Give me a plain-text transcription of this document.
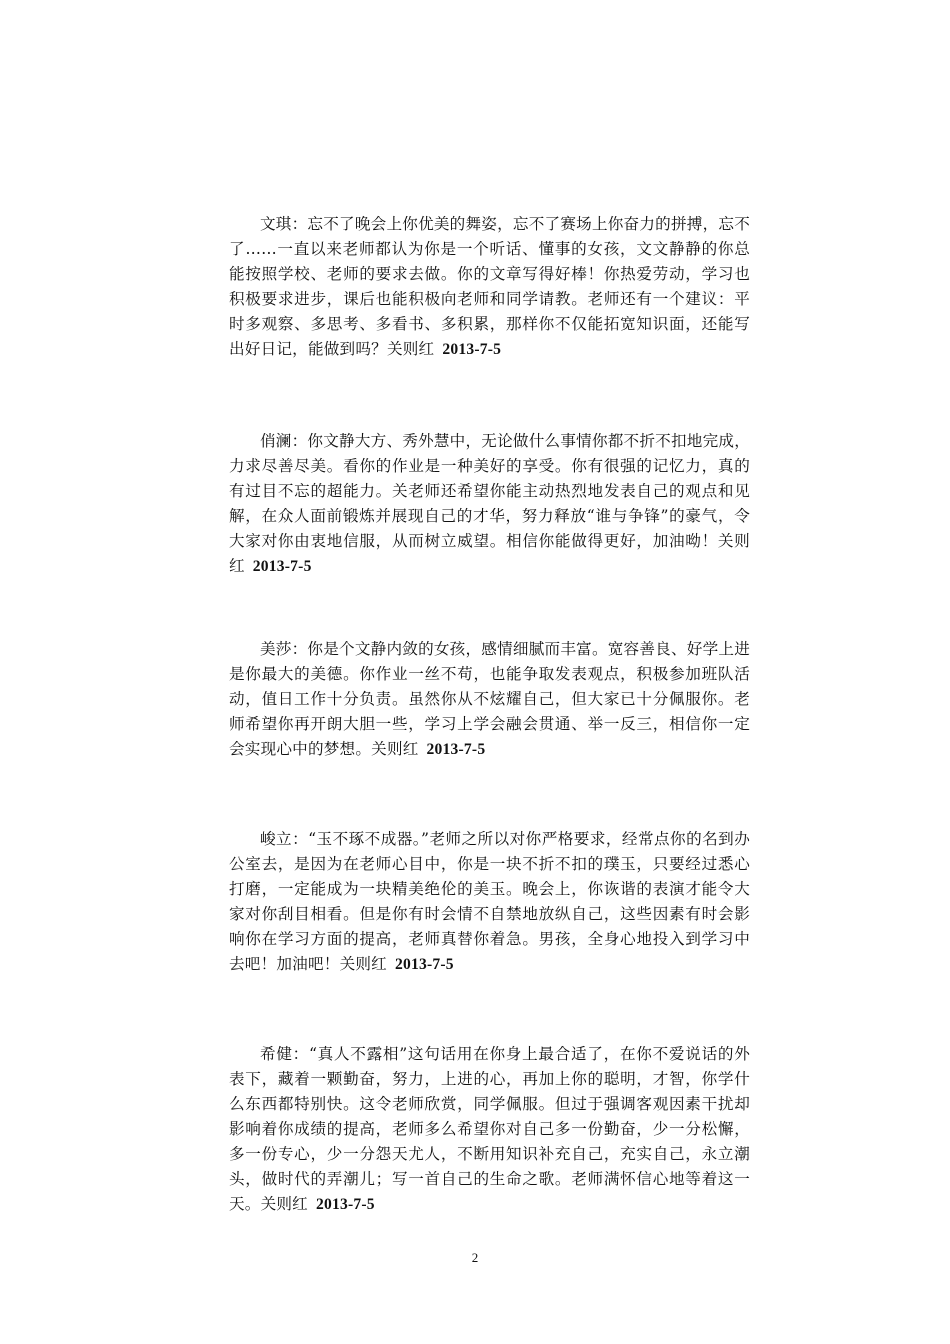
文琪：忘不了晚会上你优美的舞姿，忘不了赛场上你奋力的拼搏，忘不了……一直以来老师都认为你是一个听话、懂事的女孩，文文静静的你总能按照学校、老师的要求去做。你的文章写得好棒！你热爱劳动，学习也积极要求进步，课后也能积极向老师和同学请教。老师还有一个建议：平时多观察、多思考、多看书、多积累，那样你不仅能拓宽知识面，还能写出好日记，能做到吗？关则红 2013-7-5

俏澜：你文静大方、秀外慧中，无论做什么事情你都不折不扣地完成，力求尽善尽美。看你的作业是一种美好的享受。你有很强的记忆力，真的有过目不忘的超能力。关老师还希望你能主动热烈地发表自己的观点和见解，在众人面前锻炼并展现自己的才华，努力释放“谁与争锋”的豪气，令大家对你由衷地信服，从而树立威望。相信你能做得更好，加油呦！关则红 2013-7-5

美莎：你是个文静内敛的女孩，感情细腻而丰富。宽容善良、好学上进是你最大的美德。你作业一丝不苟，也能争取发表观点，积极参加班队活动，值日工作十分负责。虽然你从不炫耀自己，但大家已十分佩服你。老师希望你再开朗大胆一些，学习上学会融会贯通、举一反三，相信你一定会实现心中的梦想。关则红 2013-7-5

峻立：“玉不琢不成器。”老师之所以对你严格要求，经常点你的名到办公室去，是因为在老师心目中，你是一块不折不扣的璞玉，只要经过悉心打磨，一定能成为一块精美绝伦的美玉。晚会上，你诙谐的表演才能令大家对你刮目相看。但是你有时会情不自禁地放纵自己，这些因素有时会影响你在学习方面的提高，老师真替你着急。男孩，全身心地投入到学习中去吧！加油吧！关则红 2013-7-5

希健：“真人不露相”这句话用在你身上最合适了，在你不爱说话的外表下，藏着一颗勤奋，努力，上进的心，再加上你的聪明，才智，你学什么东西都特别快。这令老师欣赏，同学佩服。但过于强调客观因素干扰却影响着你成绩的提高，老师多么希望你对自己多一份勤奋，少一分松懈，多一份专心，少一分怨天尤人，不断用知识补充自己，充实自己，永立潮头，做时代的弄潮儿；写一首自己的生命之歌。老师满怀信心地等着这一天。关则红 2013-7-5

2
